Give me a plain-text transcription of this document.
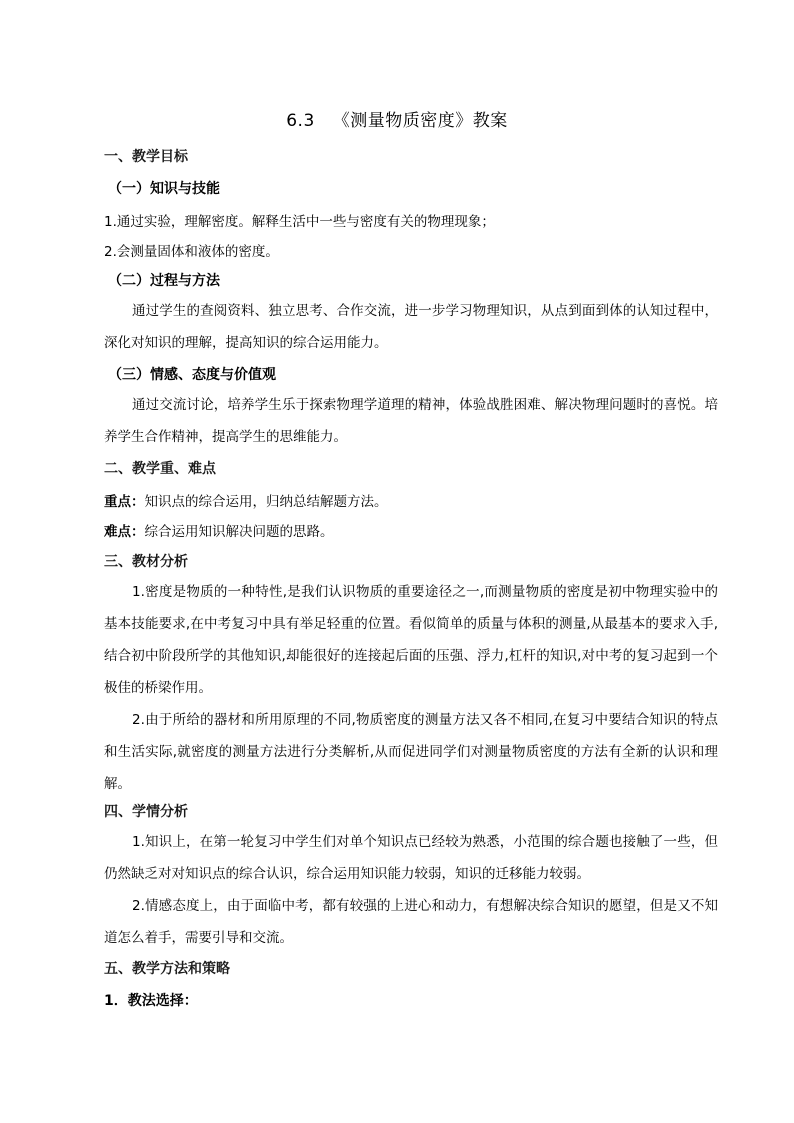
6.3 《测量物质密度》教案
一、教学目标
（一）知识与技能
1.通过实验，理解密度。解释生活中一些与密度有关的物理现象；
2.会测量固体和液体的密度。
（二）过程与方法
通过学生的查阅资料、独立思考、合作交流，进一步学习物理知识，从点到面到体的认知过程中，深化对知识的理解，提高知识的综合运用能力。
（三）情感、态度与价值观
通过交流讨论，培养学生乐于探索物理学道理的精神，体验战胜困难、解决物理问题时的喜悦。培养学生合作精神，提高学生的思维能力。
二、教学重、难点
重点：知识点的综合运用，归纳总结解题方法。
难点：综合运用知识解决问题的思路。
三、教材分析
1.密度是物质的一种特性,是我们认识物质的重要途径之一,而测量物质的密度是初中物理实验中的基本技能要求,在中考复习中具有举足轻重的位置。看似简单的质量与体积的测量,从最基本的要求入手,结合初中阶段所学的其他知识,却能很好的连接起后面的压强、浮力,杠杆的知识,对中考的复习起到一个极佳的桥梁作用。
2.由于所给的器材和所用原理的不同,物质密度的测量方法又各不相同,在复习中要结合知识的特点和生活实际,就密度的测量方法进行分类解析,从而促进同学们对测量物质密度的方法有全新的认识和理解。
四、学情分析
1.知识上，在第一轮复习中学生们对单个知识点已经较为熟悉，小范围的综合题也接触了一些，但仍然缺乏对对知识点的综合认识，综合运用知识能力较弱，知识的迁移能力较弱。
2.情感态度上，由于面临中考，都有较强的上进心和动力，有想解决综合知识的愿望，但是又不知道怎么着手，需要引导和交流。
五、教学方法和策略
1．教法选择：
